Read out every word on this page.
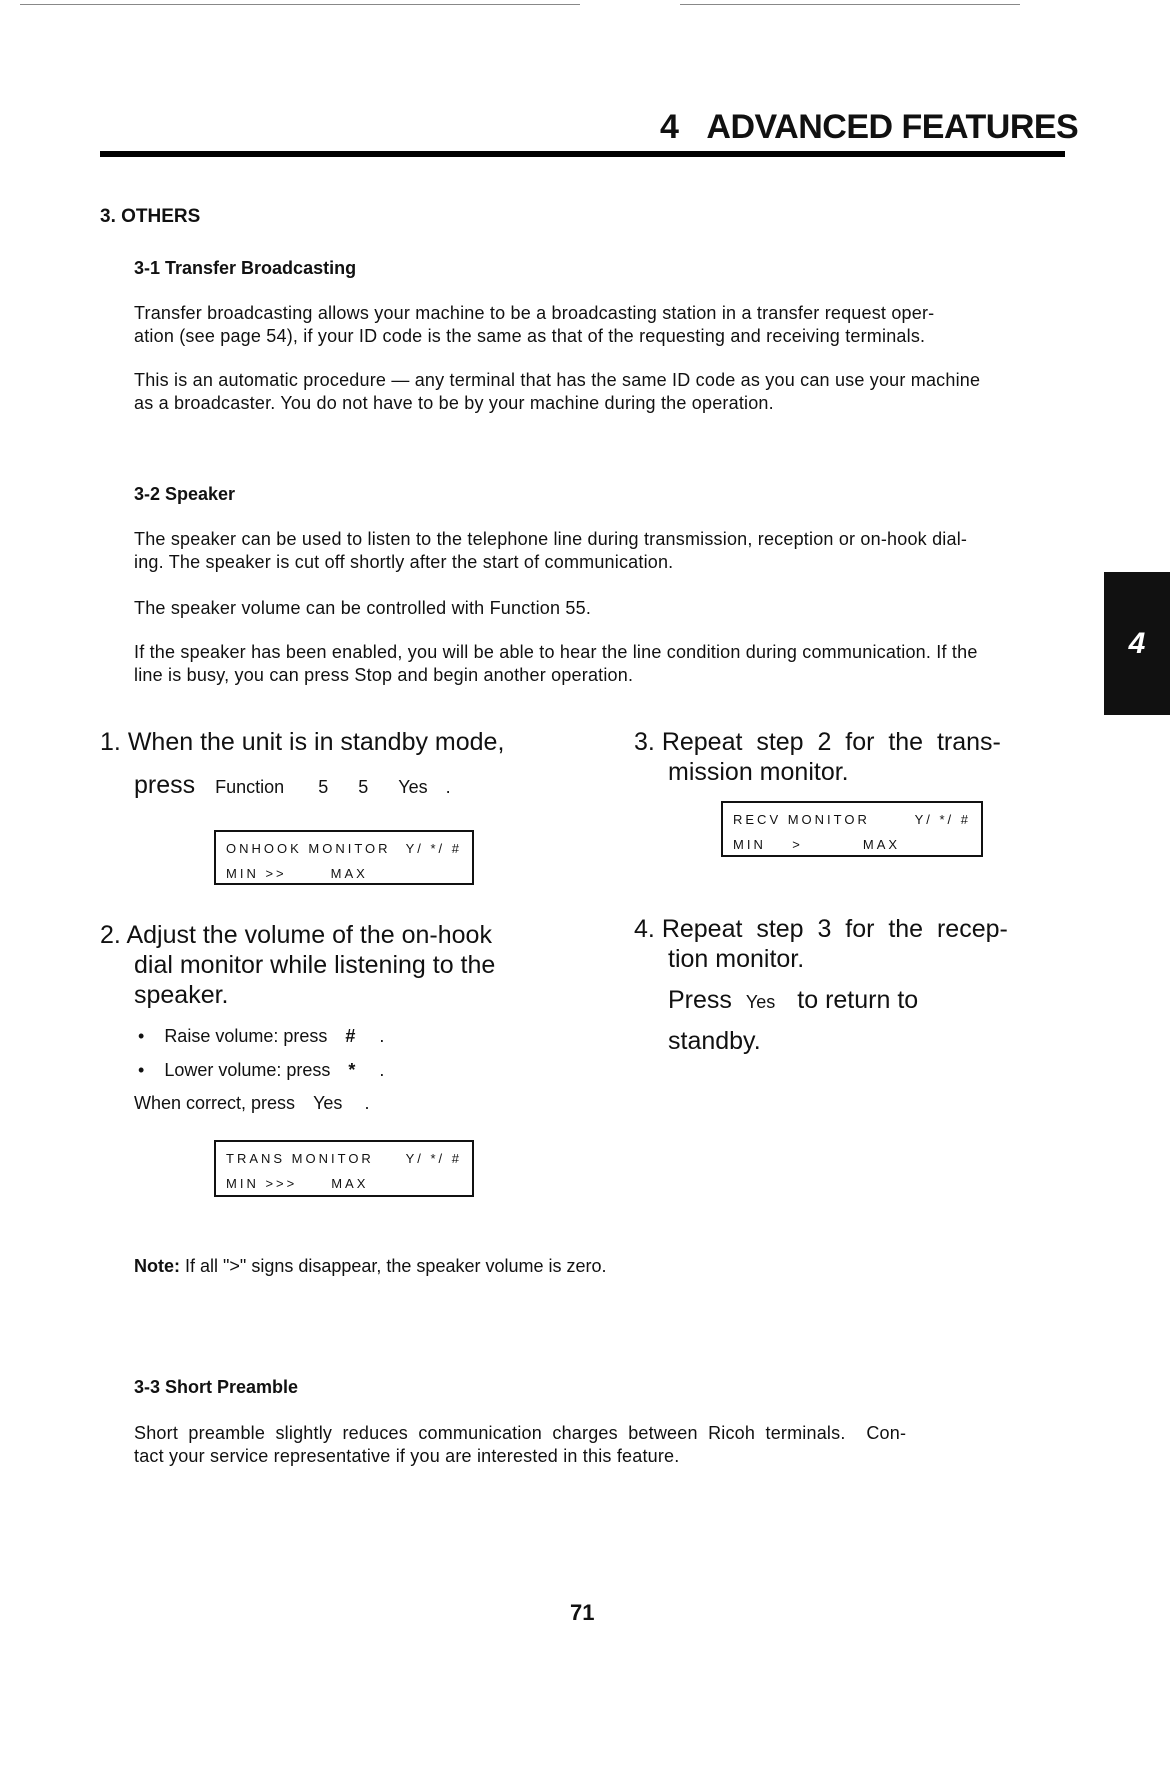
4 ADVANCED FEATURES
3. OTHERS
3-1 Transfer Broadcasting
Transfer broadcasting allows your machine to be a broadcasting station in a transfer request oper-
ation (see page 54), if your ID code is the same as that of the requesting and receiving terminals.
This is an automatic procedure — any terminal that has the same ID code as you can use your machine
as a broadcaster. You do not have to be by your machine during the operation.
3-2 Speaker
The speaker can be used to listen to the telephone line during transmission, reception or on-hook dial-
ing. The speaker is cut off shortly after the start of communication.
The speaker volume can be controlled with Function 55.
If the speaker has been enabled, you will be able to hear the line condition during communication. If the
line is busy, you can press Stop and begin another operation.
4
1. When the unit is in standby mode,
press Function 5 5 Yes .
ONHOOK MONITOR Y/ */ #
MIN >>	MAX
2. Adjust the volume of the on-hook
dial monitor while listening to the
speaker.
• Raise volume: press # .
• Lower volume: press * .
When correct, press Yes .
TRANS MONITOR Y/ */ #
MIN >>>	MAX
3. Repeat  step  2  for  the  trans-
mission monitor.
RECV MONITOR	Y/ */ #
MIN    >	MAX
4. Repeat  step  3  for  the  recep-
tion monitor.
Press Yes to return to
standby.
Note: If all ">" signs disappear, the speaker volume is zero.
3-3 Short Preamble
Short  preamble  slightly  reduces  communication  charges  between  Ricoh  terminals.    Con-
tact your service representative if you are interested in this feature.
71
